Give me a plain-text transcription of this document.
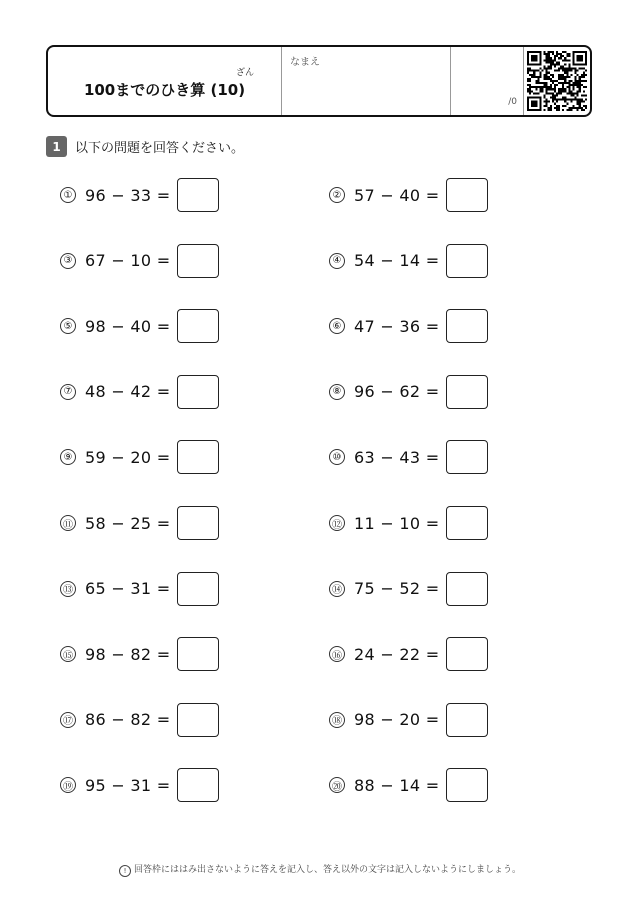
ざん
100までのひき算 (10)
なまえ
/0
1	以下の問題を回答ください。
① 96 − 33 =	② 57 − 40 =
③ 67 − 10 =	④ 54 − 14 =
⑤ 98 − 40 =	⑥ 47 − 36 =
⑦ 48 − 42 =	⑧ 96 − 62 =
⑨ 59 − 20 =	⑩ 63 − 43 =
⑪ 58 − 25 =	⑫ 11 − 10 =
⑬ 65 − 31 =	⑭ 75 − 52 =
⑮ 98 − 82 =	⑯ 24 − 22 =
⑰ 86 − 82 =	⑱ 98 − 20 =
⑲ 95 − 31 =	⑳ 88 − 14 =
! 回答枠にははみ出さないように答えを記入し、答え以外の文字は記入しないようにしましょう。
